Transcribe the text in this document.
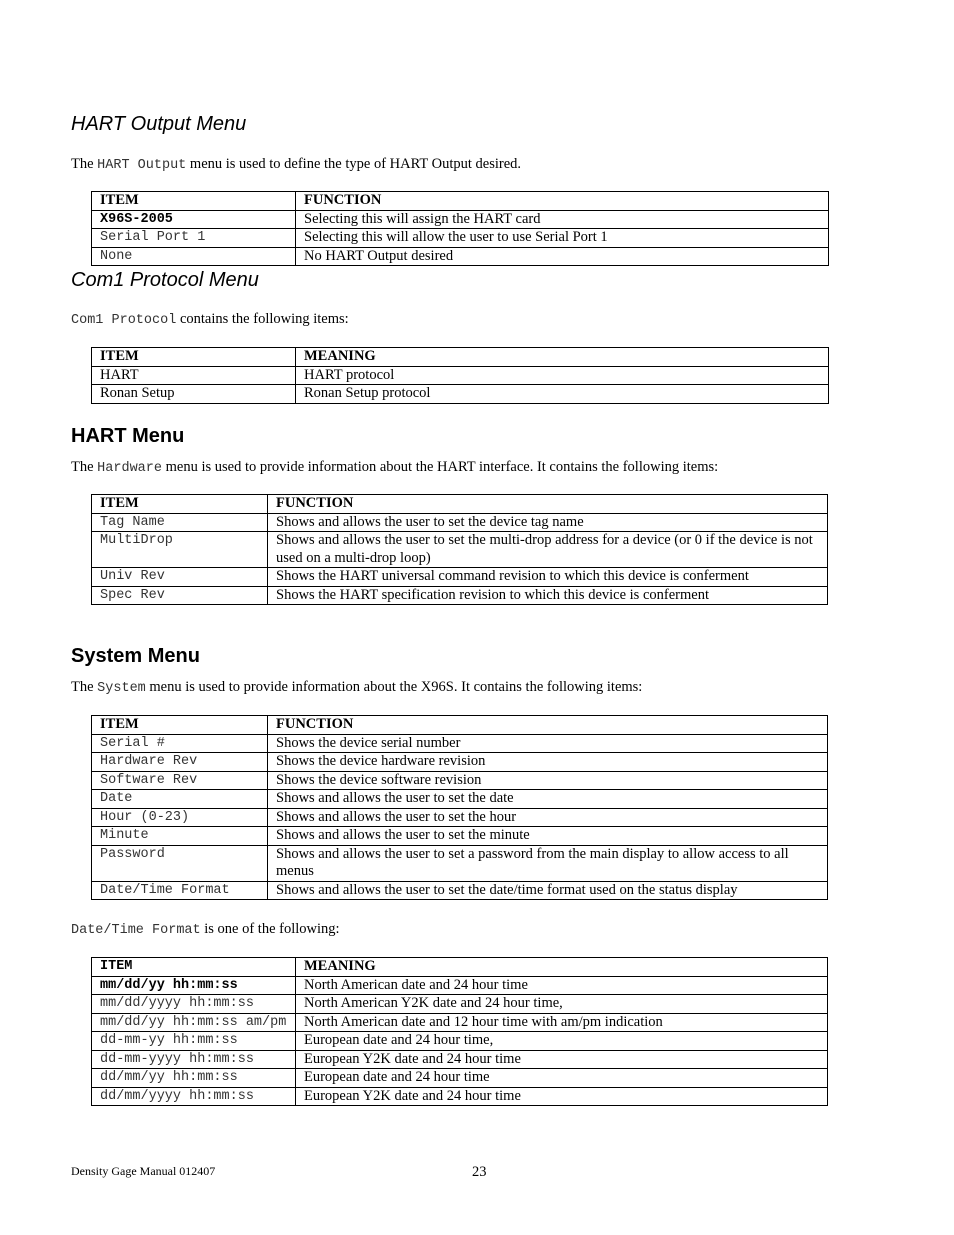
HART Output Menu

The HART Output menu is used to define the type of HART Output desired.

ITEM	FUNCTION
X96S-2005	Selecting this will assign the HART card
Serial Port 1	Selecting this will allow the user to use Serial Port 1
None	No HART Output desired
Com1 Protocol Menu

Com1 Protocol contains the following items:

ITEM	MEANING
HART	HART protocol
Ronan Setup	Ronan Setup protocol
HART Menu

The Hardware menu is used to provide information about the HART interface. It contains the following items:

ITEM	FUNCTION
Tag Name	Shows and allows the user to set the device tag name
MultiDrop	Shows and allows the user to set the multi-drop address for a device (or 0 if the device is not used on a multi-drop loop)
Univ Rev	Shows the HART universal command revision to which this device is conferment
Spec Rev	Shows the HART specification revision to which this device is conferment
System Menu

The System menu is used to provide information about the X96S. It contains the following items:

ITEM	FUNCTION
Serial #	Shows the device serial number
Hardware Rev	Shows the device hardware revision
Software Rev	Shows the device software revision
Date	Shows and allows the user to set the date
Hour (0-23)	Shows and allows the user to set the hour
Minute	Shows and allows the user to set the minute
Password	Shows and allows the user to set a password from the main display to allow access to all menus
Date/Time Format	Shows and allows the user to set the date/time format used on the status display

Date/Time Format is one of the following:

ITEM	MEANING
mm/dd/yy hh:mm:ss	North American date and 24 hour time
mm/dd/yyyy hh:mm:ss	North American Y2K date and 24 hour time,
mm/dd/yy hh:mm:ss am/pm	North American date and 12 hour time with am/pm indication
dd-mm-yy hh:mm:ss	European date and 24 hour time,
dd-mm-yyyy hh:mm:ss	European Y2K date and 24 hour time
dd/mm/yy hh:mm:ss	European date and 24 hour time
dd/mm/yyyy hh:mm:ss	European Y2K date and 24 hour time
Density Gage Manual 012407	23
